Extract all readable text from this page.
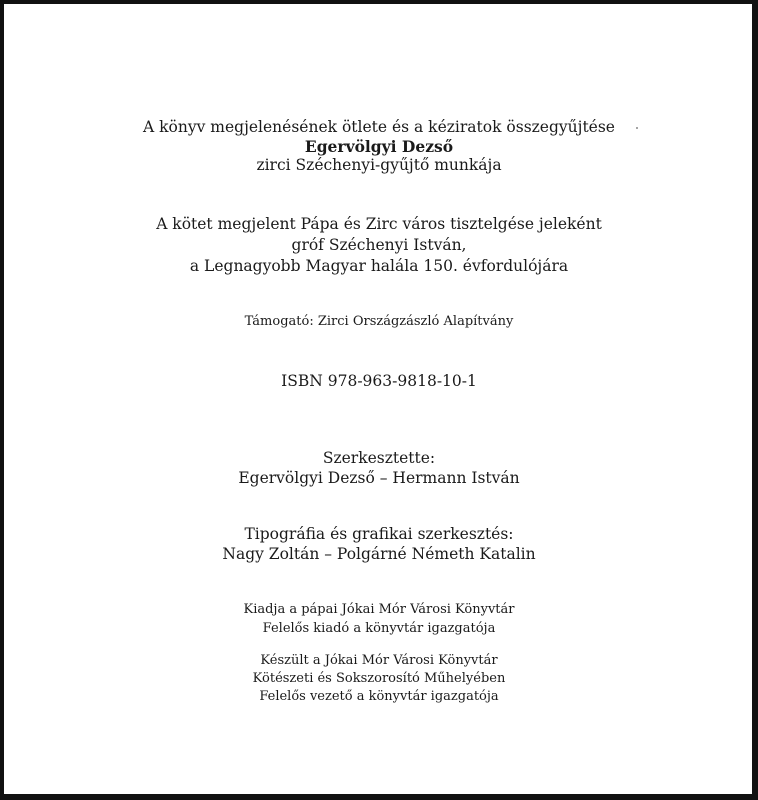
A könyv megjelenésének ötlete és a kéziratok összegyűjtése
Egervölgyi Dezső
zirci Széchenyi-gyűjtő munkája
A kötet megjelent Pápa és Zirc város tisztelgése jeleként
gróf Széchenyi István,
a Legnagyobb Magyar halála 150. évfordulójára
Támogató: Zirci Országzászló Alapítvány
ISBN 978-963-9818-10-1
Szerkesztette:
Egervölgyi Dezső – Hermann István
Tipográfia és grafikai szerkesztés:
Nagy Zoltán – Polgárné Németh Katalin
Kiadja a pápai Jókai Mór Városi Könyvtár
Felelős kiadó a könyvtár igazgatója
Készült a Jókai Mór Városi Könyvtár
Kötészeti és Sokszorosító Műhelyében
Felelős vezető a könyvtár igazgatója
